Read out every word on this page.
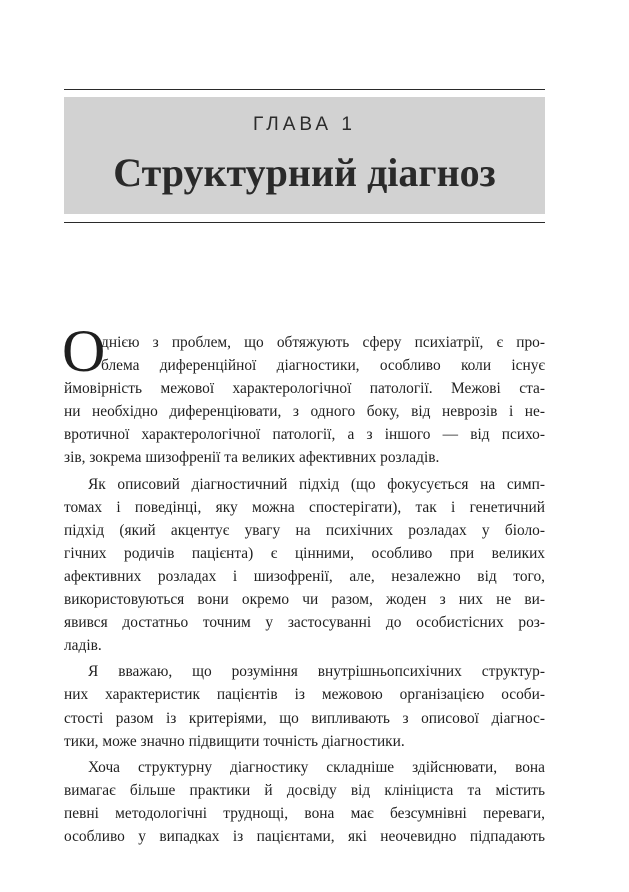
ГЛАВА 1
Структурний діагноз
О
днією з проблем, що обтяжують сферу психіатрії, є про-
блема диференційної діагностики, особливо коли існує
ймовірність межової характерологічної патології. Межові ста-
ни необхідно диференціювати, з одного боку, від неврозів і не-
вротичної характерологічної патології, а з іншого — від психо-
зів, зокрема шизофренії та великих афективних розладів.
Як описовий діагностичний підхід (що фокусується на симп-
томах і поведінці, яку можна спостерігати), так і генетичний
підхід (який акцентує увагу на психічних розладах у біоло-
гічних родичів пацієнта) є цінними, особливо при великих
афективних розладах і шизофренії, але, незалежно від того,
використовуються вони окремо чи разом, жоден з них не ви-
явився достатньо точним у застосуванні до особистісних роз-
ладів.
Я вважаю, що розуміння внутрішньопсихічних структур-
них характеристик пацієнтів із межовою організацією особи-
стості разом із критеріями, що випливають з описової діагнос-
тики, може значно підвищити точність діагностики.
Хоча структурну діагностику складніше здійснювати, вона
вимагає більше практики й досвіду від клініциста та містить
певні методологічні труднощі, вона має безсумнівні переваги,
особливо у випадках із пацієнтами, які неочевидно підпадають
